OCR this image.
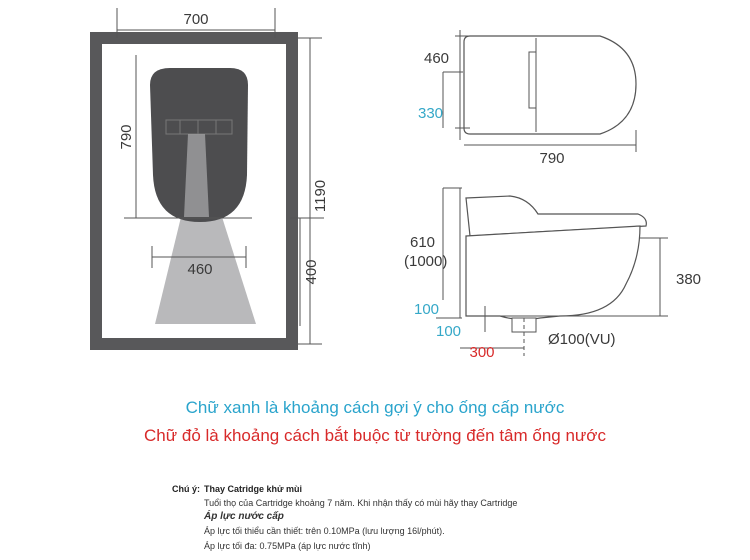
700
790
460
1190
400
460
330
790
610
(1000)
100
100
300
Ø100(VU)
380
Chữ xanh là khoảng cách gợi ý cho ống cấp nước
Chữ đỏ là khoảng cách bắt buộc từ tường đến tâm ống nước
Chú ý: Thay Catridge khử mùi
Tuổi thọ của Cartridge khoảng 7 năm. Khi nhận thấy có mùi hãy thay Cartridge
Áp lực nước cấp
Áp lực tối thiểu cần thiết: trên 0.10MPa (lưu lượng 16l/phút).
Áp lực tối đa: 0.75MPa (áp lực nước tĩnh)
